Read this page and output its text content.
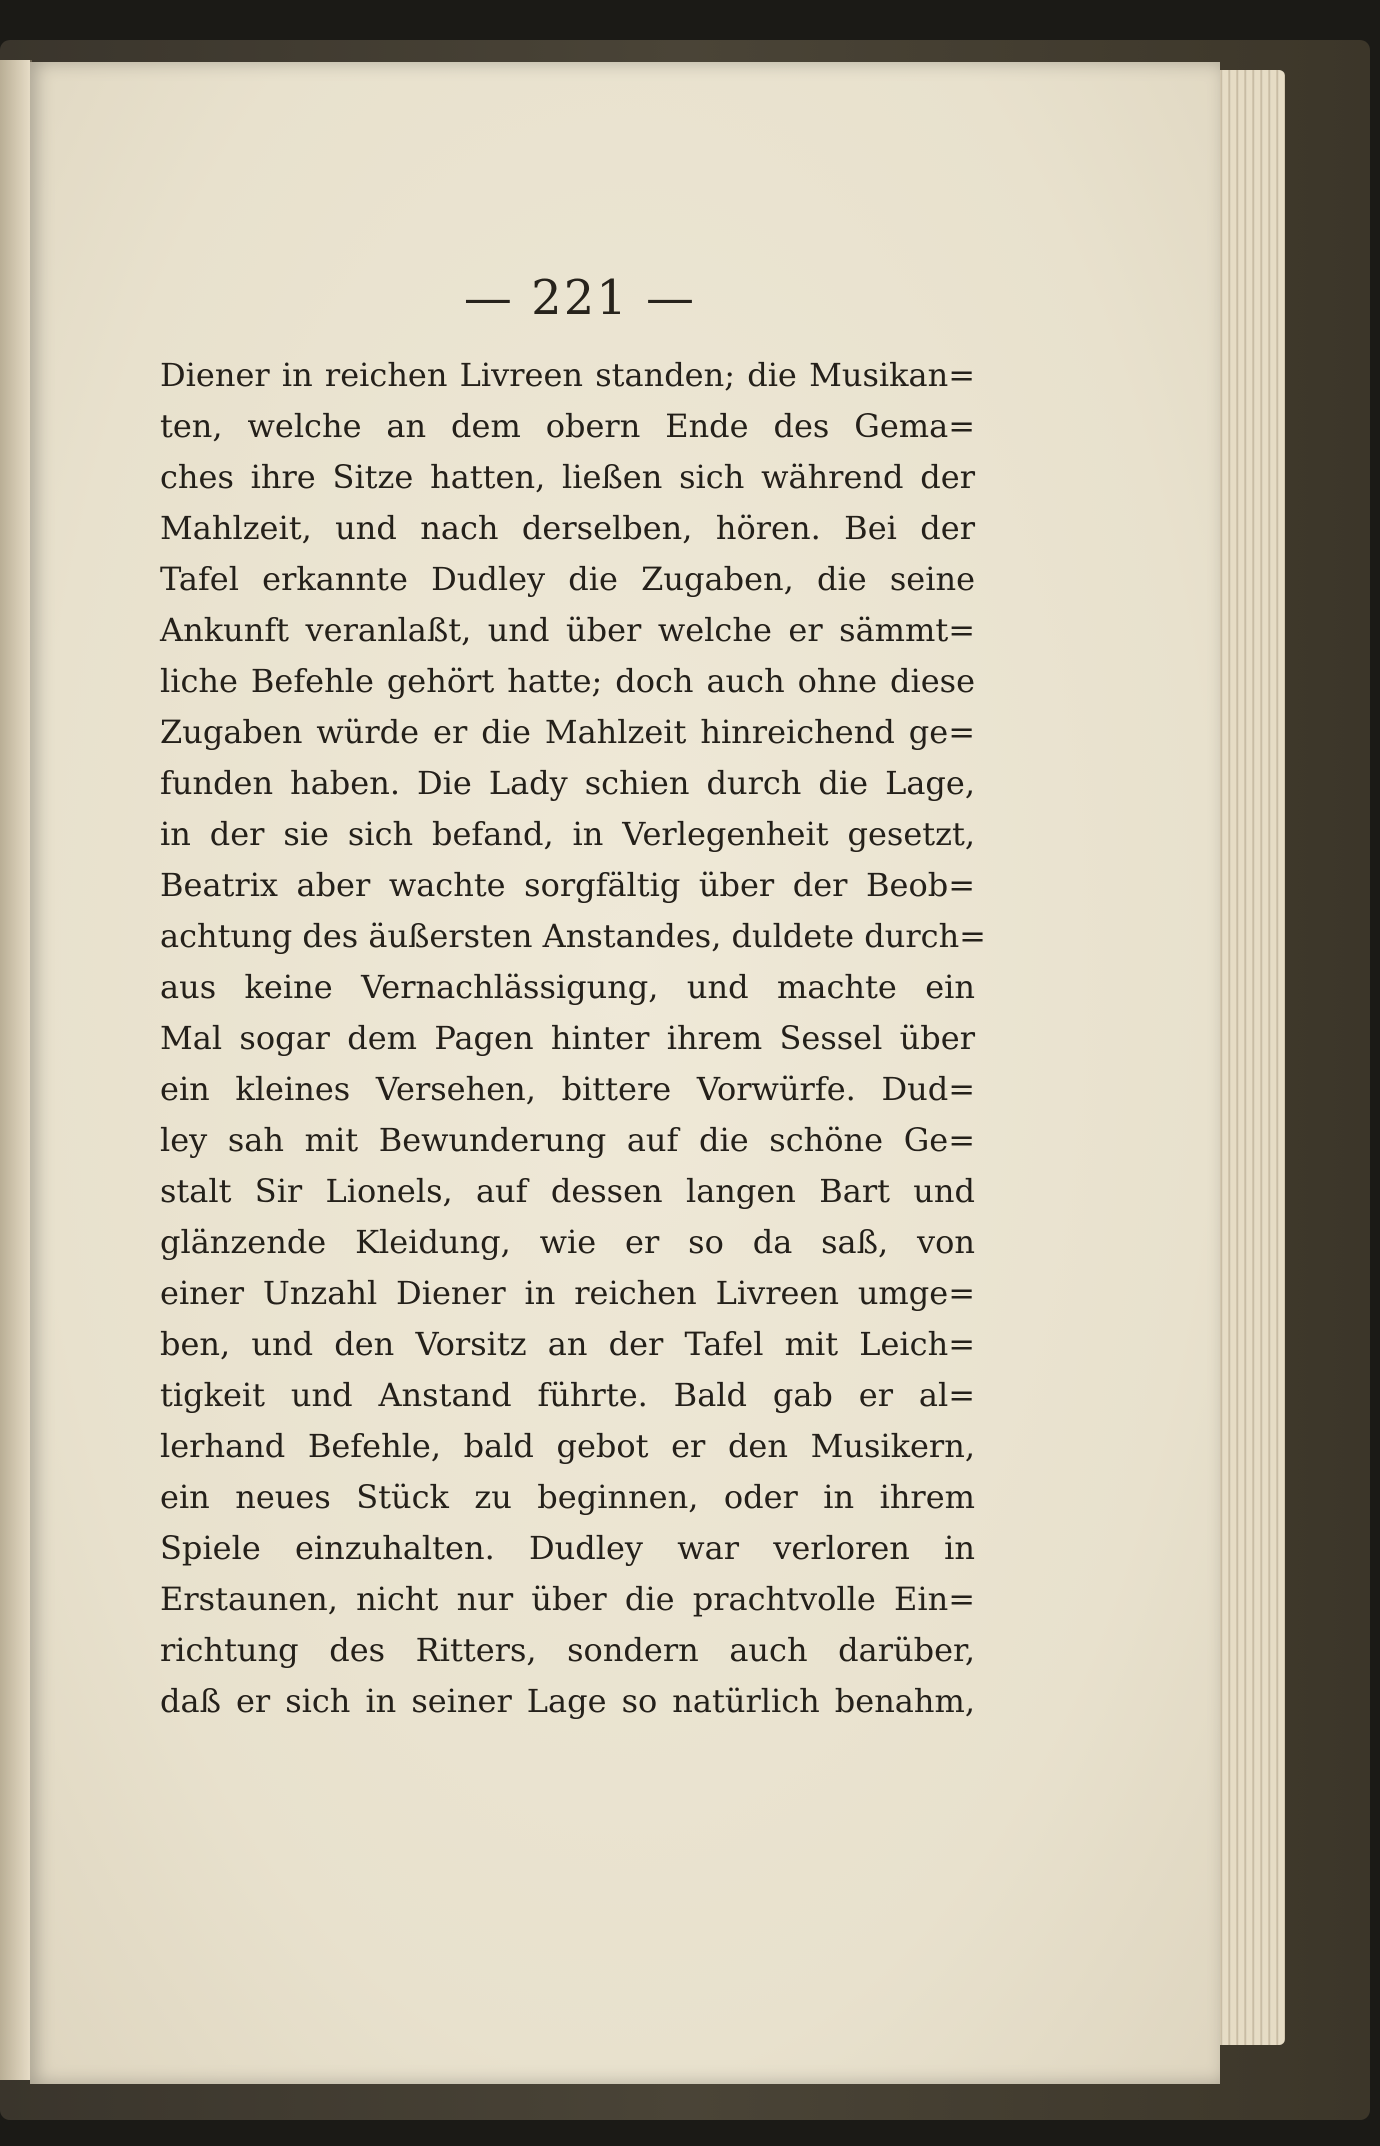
— 221 —
Diener in reichen Livreen standen; die Musikan=
ten, welche an dem obern Ende des Gema=
ches ihre Sitze hatten, ließen sich während der
Mahlzeit, und nach derselben, hören. Bei der
Tafel erkannte Dudley die Zugaben, die seine
Ankunft veranlaßt, und über welche er sämmt=
liche Befehle gehört hatte; doch auch ohne diese
Zugaben würde er die Mahlzeit hinreichend ge=
funden haben. Die Lady schien durch die Lage,
in der sie sich befand, in Verlegenheit gesetzt,
Beatrix aber wachte sorgfältig über der Beob=
achtung des äußersten Anstandes, duldete durch=
aus keine Vernachlässigung, und machte ein
Mal sogar dem Pagen hinter ihrem Sessel über
ein kleines Versehen, bittere Vorwürfe. Dud=
ley sah mit Bewunderung auf die schöne Ge=
stalt Sir Lionels, auf dessen langen Bart und
glänzende Kleidung, wie er so da saß, von
einer Unzahl Diener in reichen Livreen umge=
ben, und den Vorsitz an der Tafel mit Leich=
tigkeit und Anstand führte. Bald gab er al=
lerhand Befehle, bald gebot er den Musikern,
ein neues Stück zu beginnen, oder in ihrem
Spiele einzuhalten. Dudley war verloren in
Erstaunen, nicht nur über die prachtvolle Ein=
richtung des Ritters, sondern auch darüber,
daß er sich in seiner Lage so natürlich benahm,
